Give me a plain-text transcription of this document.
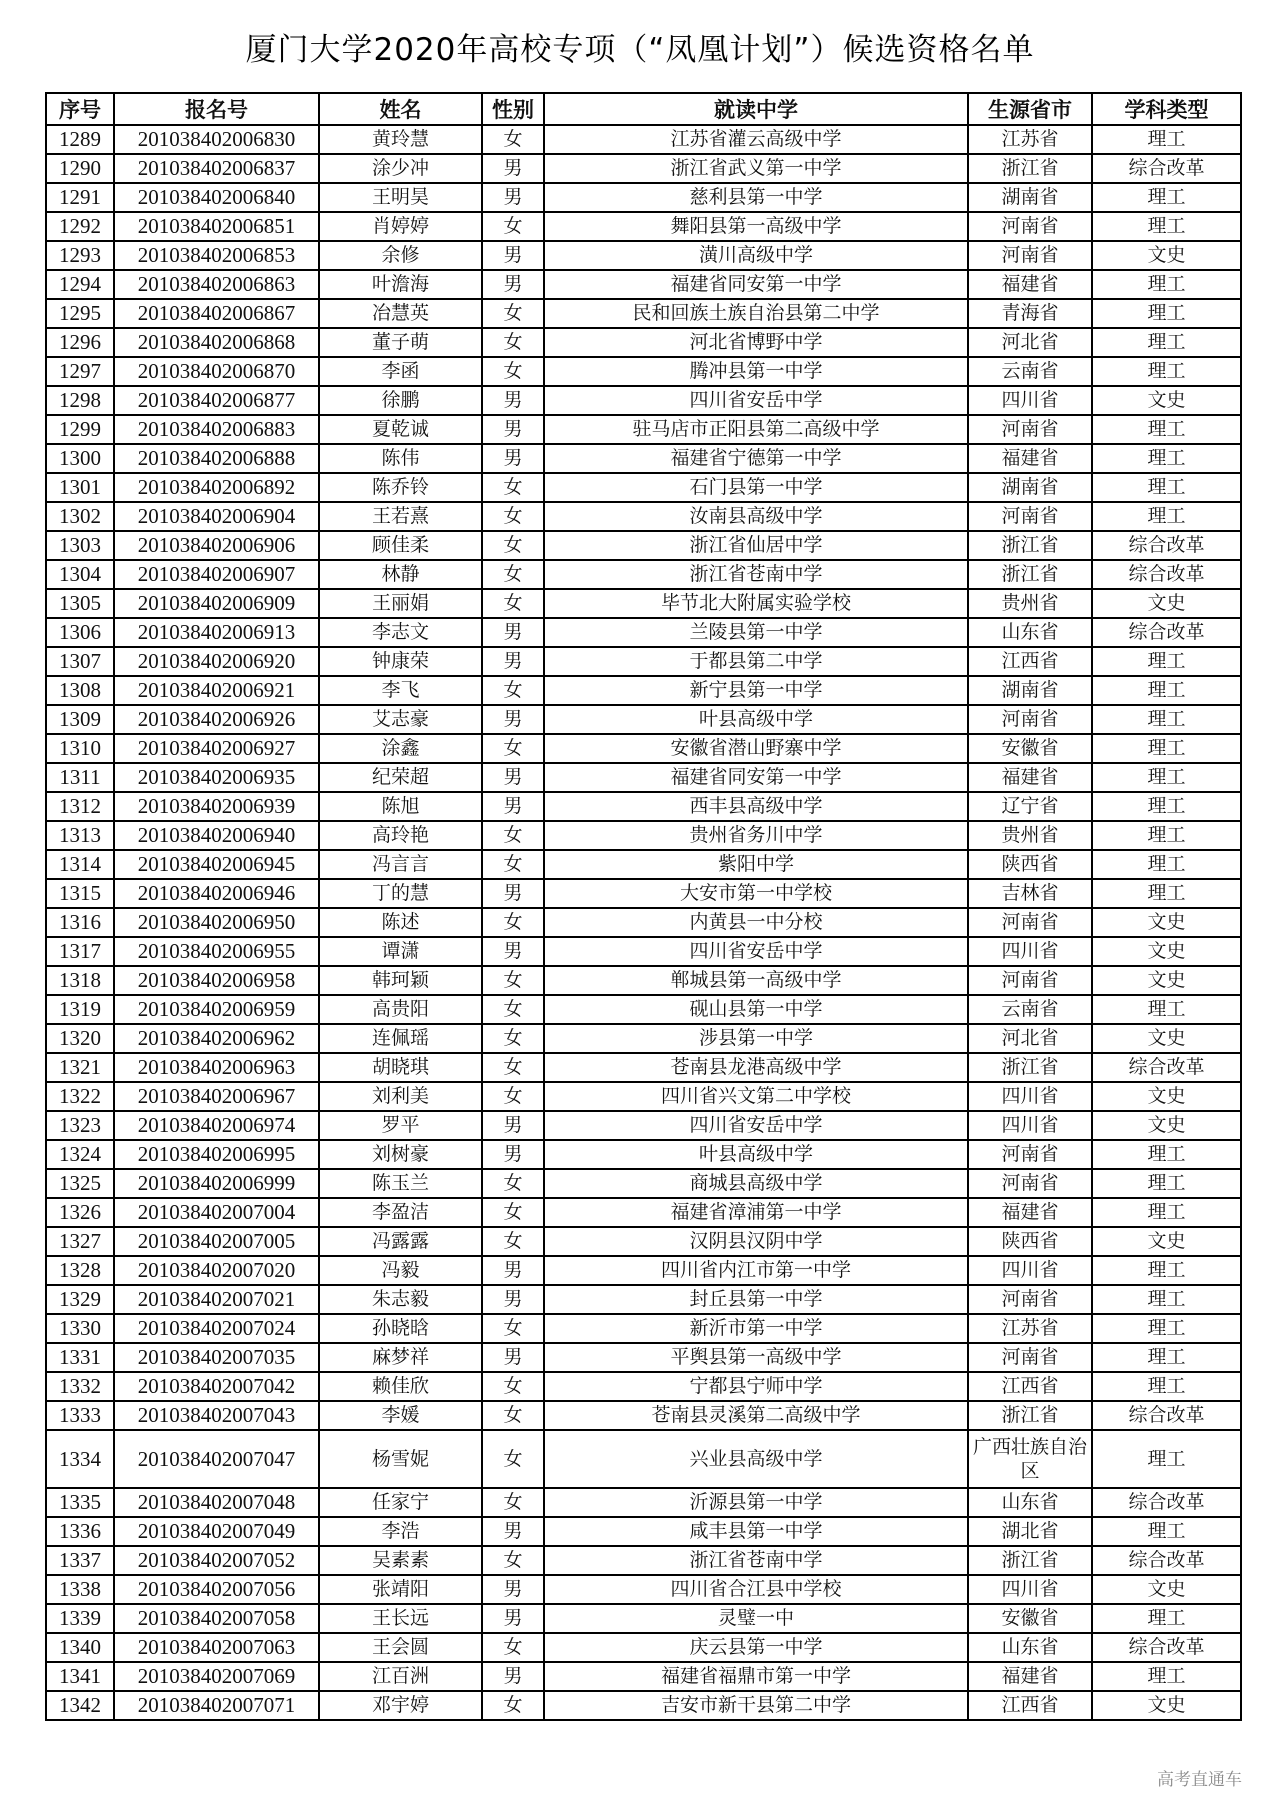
厦门大学2020年高校专项（“凤凰计划”）候选资格名单
序号	报名号	姓名	性别	就读中学	生源省市	学科类型
1289	201038402006830	黄玲慧	女	江苏省灌云高级中学	江苏省	理工
1290	201038402006837	涂少冲	男	浙江省武义第一中学	浙江省	综合改革
1291	201038402006840	王明昊	男	慈利县第一中学	湖南省	理工
1292	201038402006851	肖婷婷	女	舞阳县第一高级中学	河南省	理工
1293	201038402006853	余修	男	潢川高级中学	河南省	文史
1294	201038402006863	叶澹海	男	福建省同安第一中学	福建省	理工
1295	201038402006867	冶慧英	女	民和回族土族自治县第二中学	青海省	理工
1296	201038402006868	董子萌	女	河北省博野中学	河北省	理工
1297	201038402006870	李函	女	腾冲县第一中学	云南省	理工
1298	201038402006877	徐鹏	男	四川省安岳中学	四川省	文史
1299	201038402006883	夏乾诚	男	驻马店市正阳县第二高级中学	河南省	理工
1300	201038402006888	陈伟	男	福建省宁德第一中学	福建省	理工
1301	201038402006892	陈乔铃	女	石门县第一中学	湖南省	理工
1302	201038402006904	王若熹	女	汝南县高级中学	河南省	理工
1303	201038402006906	顾佳柔	女	浙江省仙居中学	浙江省	综合改革
1304	201038402006907	林静	女	浙江省苍南中学	浙江省	综合改革
1305	201038402006909	王丽娟	女	毕节北大附属实验学校	贵州省	文史
1306	201038402006913	李志文	男	兰陵县第一中学	山东省	综合改革
1307	201038402006920	钟康荣	男	于都县第二中学	江西省	理工
1308	201038402006921	李飞	女	新宁县第一中学	湖南省	理工
1309	201038402006926	艾志豪	男	叶县高级中学	河南省	理工
1310	201038402006927	涂鑫	女	安徽省潜山野寨中学	安徽省	理工
1311	201038402006935	纪荣超	男	福建省同安第一中学	福建省	理工
1312	201038402006939	陈旭	男	西丰县高级中学	辽宁省	理工
1313	201038402006940	高玲艳	女	贵州省务川中学	贵州省	理工
1314	201038402006945	冯言言	女	紫阳中学	陕西省	理工
1315	201038402006946	丁的慧	男	大安市第一中学校	吉林省	理工
1316	201038402006950	陈述	女	内黄县一中分校	河南省	文史
1317	201038402006955	谭潇	男	四川省安岳中学	四川省	文史
1318	201038402006958	韩珂颖	女	郸城县第一高级中学	河南省	文史
1319	201038402006959	高贵阳	女	砚山县第一中学	云南省	理工
1320	201038402006962	连佩瑶	女	涉县第一中学	河北省	文史
1321	201038402006963	胡晓琪	女	苍南县龙港高级中学	浙江省	综合改革
1322	201038402006967	刘利美	女	四川省兴文第二中学校	四川省	文史
1323	201038402006974	罗平	男	四川省安岳中学	四川省	文史
1324	201038402006995	刘树豪	男	叶县高级中学	河南省	理工
1325	201038402006999	陈玉兰	女	商城县高级中学	河南省	理工
1326	201038402007004	李盈洁	女	福建省漳浦第一中学	福建省	理工
1327	201038402007005	冯露露	女	汉阴县汉阴中学	陕西省	文史
1328	201038402007020	冯毅	男	四川省内江市第一中学	四川省	理工
1329	201038402007021	朱志毅	男	封丘县第一中学	河南省	理工
1330	201038402007024	孙晓晗	女	新沂市第一中学	江苏省	理工
1331	201038402007035	麻梦祥	男	平舆县第一高级中学	河南省	理工
1332	201038402007042	赖佳欣	女	宁都县宁师中学	江西省	理工
1333	201038402007043	李媛	女	苍南县灵溪第二高级中学	浙江省	综合改革
1334	201038402007047	杨雪妮	女	兴业县高级中学	广西壮族自治区	理工
1335	201038402007048	任家宁	女	沂源县第一中学	山东省	综合改革
1336	201038402007049	李浩	男	咸丰县第一中学	湖北省	理工
1337	201038402007052	吴素素	女	浙江省苍南中学	浙江省	综合改革
1338	201038402007056	张靖阳	男	四川省合江县中学校	四川省	文史
1339	201038402007058	王长远	男	灵璧一中	安徽省	理工
1340	201038402007063	王会圆	女	庆云县第一中学	山东省	综合改革
1341	201038402007069	江百洲	男	福建省福鼎市第一中学	福建省	理工
1342	201038402007071	邓宇婷	女	吉安市新干县第二中学	江西省	文史
高考直通车
